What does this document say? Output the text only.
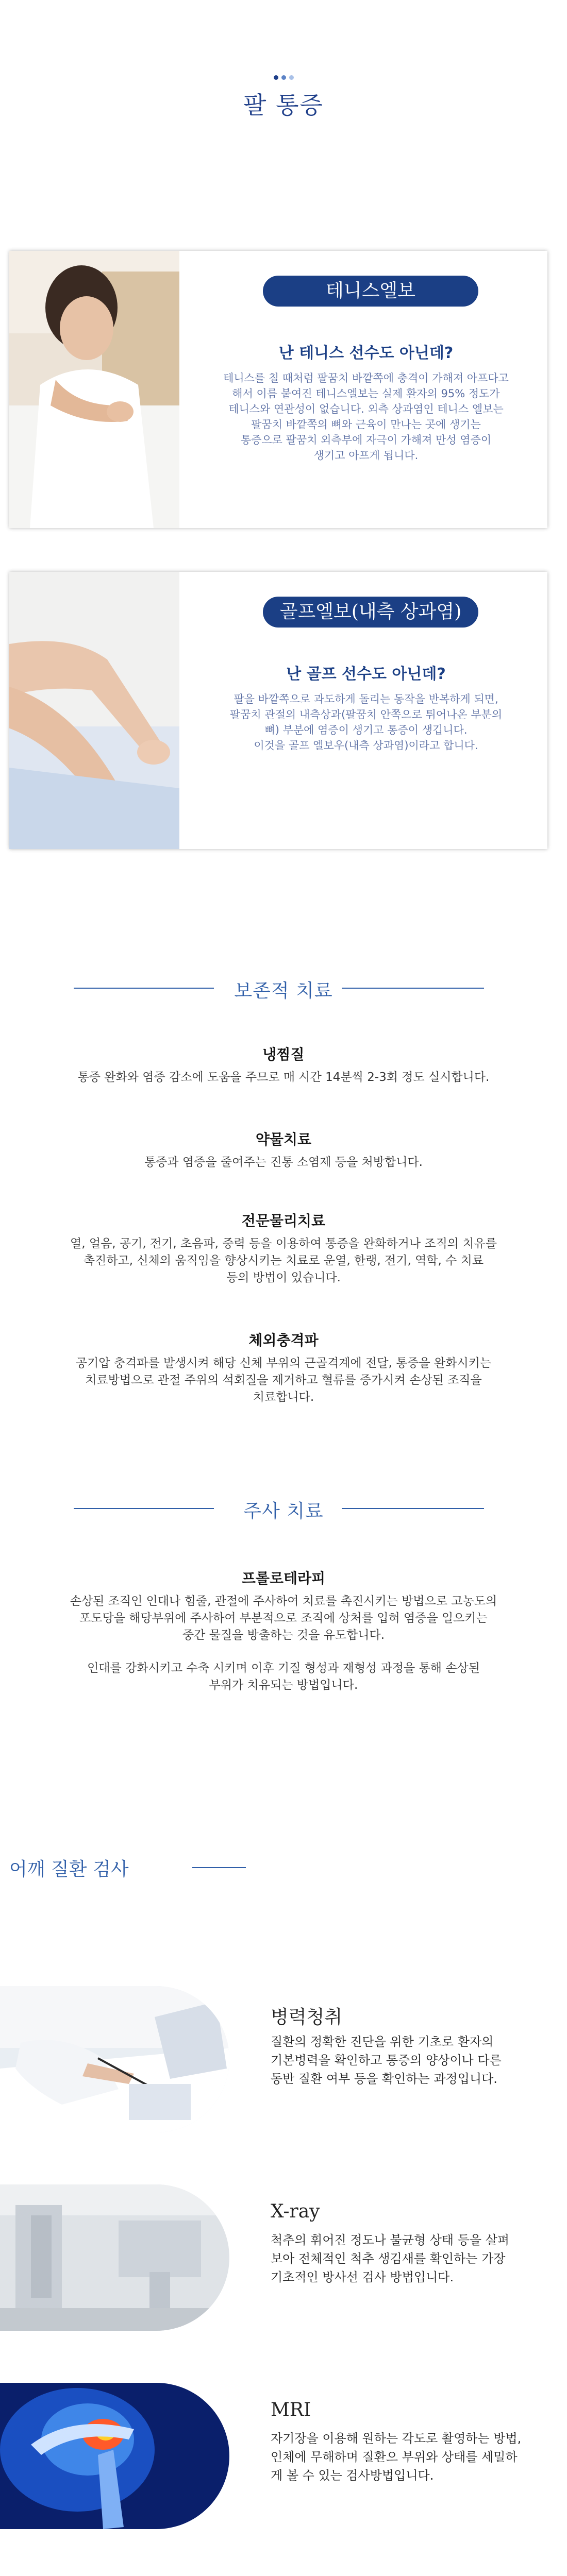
팔 통증
테니스엘보
난 테니스 선수도 아닌데?
테니스를 칠 때처럼 팔꿈치 바깥쪽에 충격이 가해져 아프다고
해서 이름 붙여진 테니스엘보는 실제 환자의 95% 정도가
테니스와 연관성이 없습니다. 외측 상과염인 테니스 엘보는
팔꿈치 바깥쪽의 뼈와 근육이 만나는 곳에 생기는
통증으로 팔꿈치 외측부에 자극이 가해져 만성 염증이
생기고 아프게 됩니다.
골프엘보(내측 상과염)
난 골프 선수도 아닌데?
팔을 바깥쪽으로 과도하게 돌리는 동작을 반복하게 되면,
팔꿈치 관절의 내측상과(팔꿈치 안쪽으로 튀어나온 부분의
뼈) 부분에 염증이 생기고 통증이 생깁니다.
이것을 골프 엘보우(내측 상과염)이라고 합니다.
보존적 치료
냉찜질
통증 완화와 염증 감소에 도움을 주므로 매 시간 14분씩 2-3회 정도 실시합니다.
약물치료
통증과 염증을 줄여주는 진통 소염제 등을 처방합니다.
전문물리치료
열, 얼음, 공기, 전기, 초음파, 중력 등을 이용하여 통증을 완화하거나 조직의 치유를
촉진하고, 신체의 움직임을 향상시키는 치료로 운열, 한랭, 전기, 역학, 수 치료
등의 방법이 있습니다.
체외충격파
공기압 충격파를 발생시켜 해당 신체 부위의 근골격계에 전달, 통증을 완화시키는
치료방법으로 관절 주위의 석회질을 제거하고 혈류를 증가시켜 손상된 조직을
치료합니다.
주사 치료
프롤로테라피
손상된 조직인 인대나 힘줄, 관절에 주사하여 치료를 촉진시키는 방법으로 고농도의
포도당을 해당부위에 주사하여 부분적으로 조직에 상처를 입혀 염증을 일으키는
중간 물질을 방출하는 것을 유도합니다.
인대를 강화시키고 수축 시키며 이후 기질 형성과 재형성 과정을 통해 손상된
부위가 치유되는 방법입니다.
어깨 질환 검사
병력청취
질환의 정확한 진단을 위한 기초로 환자의
기본병력을 확인하고 통증의 양상이나 다른
동반 질환 여부 등을 확인하는 과정입니다.
X-ray
척추의 휘어진 정도나 불균형 상태 등을 살펴
보아 전체적인 척추 생김새를 확인하는 가장
기초적인 방사선 검사 방법입니다.
MRI
자기장을 이용해 원하는 각도로 촬영하는 방법,
인체에 무해하며 질환으 부위와 상태를 세밀하
게 볼 수 있는 검사방법입니다.
